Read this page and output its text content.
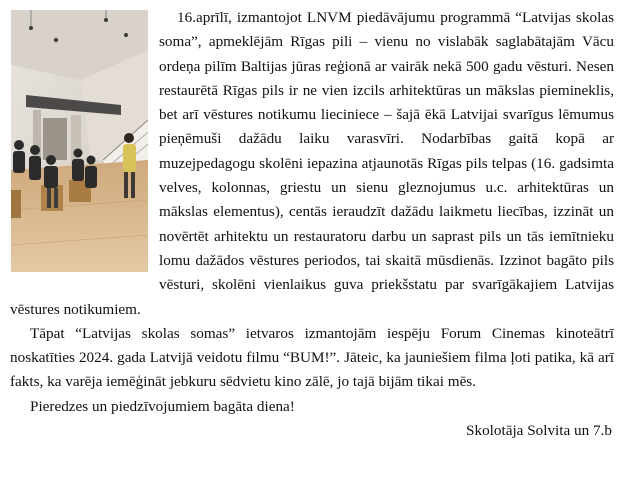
16.aprīlī, izmantojot LNVM piedāvājumu programmā “Latvijas skolas soma”, apmeklējām Rīgas pili – vienu no vislabāk saglabātajām Vācu ordeņa pilīm Baltijas jūras reģionā ar vairāk nekā 500 gadu vēsturi. Nesen restaurētā Rīgas pils ir ne vien izcils arhitektūras un mākslas piemineklis, bet arī vēstures notikumu lieciniece – šajā ēkā Latvijai svarīgus lēmumus pieņēmuši dažādu laiku varasvīri. Nodarbības gaitā kopā ar muzejpedagogu skolēni iepazina atjaunotās Rīgas pils telpas (16. gadsimta velves, kolonnas, griestu un sienu gleznojumus u.c. arhitektūras un mākslas elementus), centās ieraudzīt dažādu laikmetu liecības, izzināt un novērtēt arhitektu un restauratoru darbu un saprast pils un tās iemītnieku lomu dažādos vēstures periodos, tai skaitā mūsdienās. Izzinot bagāto pils vēsturi, skolēni vienlaikus guva priekšstatu par svarīgākajiem Latvijas vēstures notikumiem.

Tāpat “Latvijas skolas somas” ietvaros izmantojām iespēju Forum Cinemas kinoteātrī noskatīties 2024. gada Latvijā veidotu filmu “BUM!”. Jāteic, ka jauniešiem filma ļoti patika, kā arī fakts, ka varēja iemēģināt jebkuru sēdvietu kino zālē, jo tajā bijām tikai mēs.

Pieredzes un piedzīvojumiem bagāta diena!

Skolotāja Solvita un 7.b
